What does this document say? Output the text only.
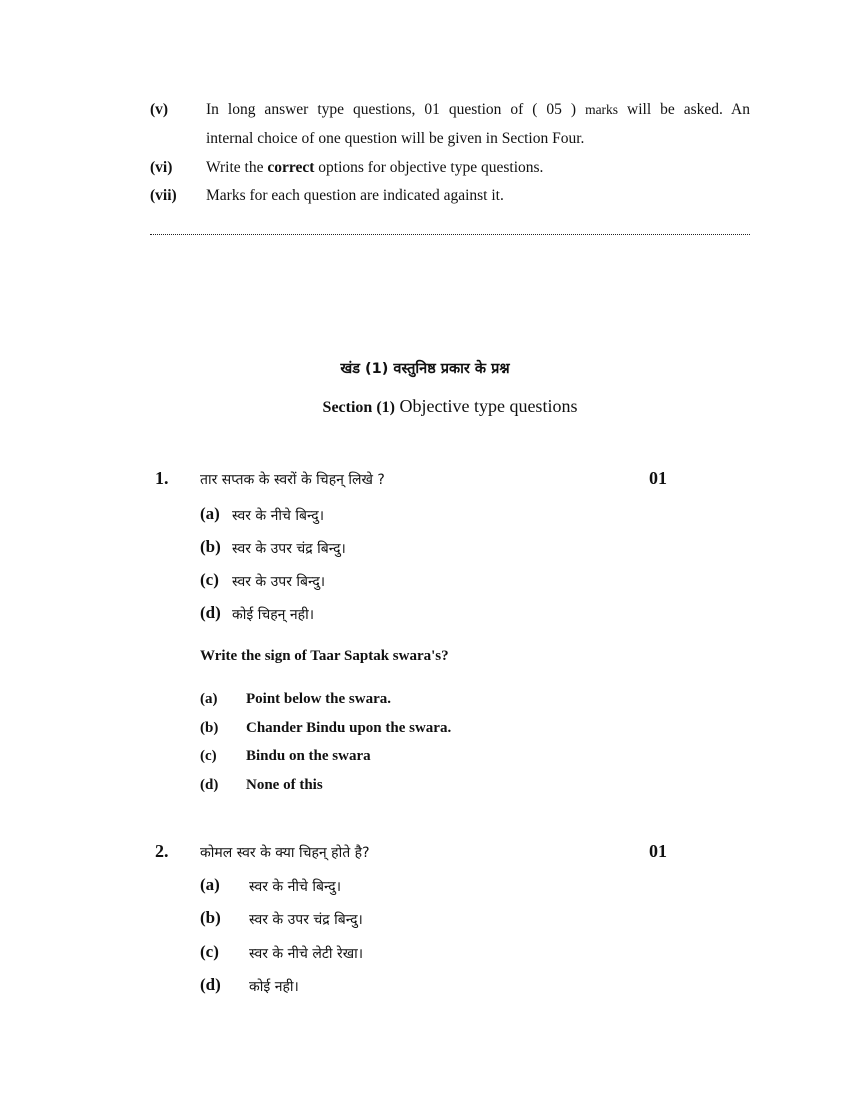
(v) In long answer type questions, 01 question of ( 05 ) marks will be asked. An
internal choice of one question will be given in Section Four.
(vi) Write the correct options for objective type questions.
(vii) Marks for each question are indicated against it.
खंड (1) वस्तुनिष्ठ प्रकार के प्रश्न
Section (1) Objective type questions
1. तार सप्तक के स्वरों के चिहन् लिखे ?	01
(a) स्वर के नीचे बिन्दु।
(b) स्वर के उपर चंद्र बिन्दु।
(c) स्वर के उपर बिन्दु।
(d) कोई चिहन् नही।
Write the sign of Taar Saptak swara's?
(a) Point below the swara.
(b) Chander Bindu upon the swara.
(c) Bindu on the swara
(d) None of this
2. कोमल स्वर के क्या चिहन् होते है?	01
(a) स्वर के नीचे बिन्दु।
(b) स्वर के उपर चंद्र बिन्दु।
(c) स्वर के नीचे लेटी रेखा।
(d) कोई नही।
